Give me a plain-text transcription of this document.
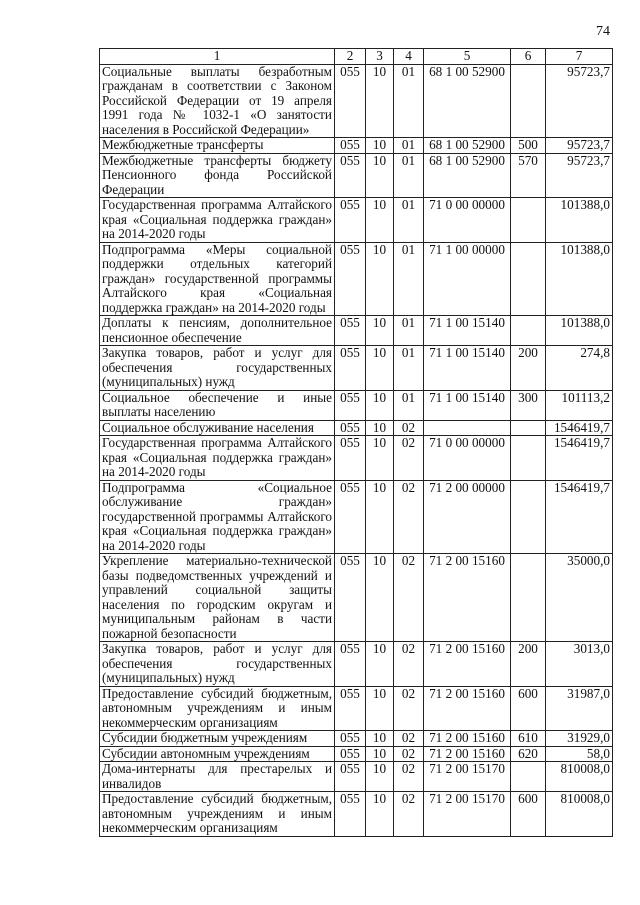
74
1	2	3	4	5	6	7
Социальные выплаты безработным гражданам в соответствии с Законом Российской Федерации от 19 апреля 1991 года № 1032-1 «О занятости населения в Российской Федерации»	055	10	01	68 1 00 52900		95723,7
Межбюджетные трансферты	055	10	01	68 1 00 52900	500	95723,7
Межбюджетные трансферты бюджету Пенсионного фонда Российской Федерации	055	10	01	68 1 00 52900	570	95723,7
Государственная программа Алтайского края «Социальная поддержка граждан» на 2014-2020 годы	055	10	01	71 0 00 00000		101388,0
Подпрограмма «Меры социальной поддержки отдельных категорий граждан» государственной программы Алтайского края «Социальная поддержка граждан» на 2014-2020 годы	055	10	01	71 1 00 00000		101388,0
Доплаты к пенсиям, дополнительное пенсионное обеспечение	055	10	01	71 1 00 15140		101388,0
Закупка товаров, работ и услуг для обеспечения государственных (муниципальных) нужд	055	10	01	71 1 00 15140	200	274,8
Социальное обеспечение и иные выплаты населению	055	10	01	71 1 00 15140	300	101113,2
Социальное обслуживание населения	055	10	02			1546419,7
Государственная программа Алтайского края «Социальная поддержка граждан» на 2014-2020 годы	055	10	02	71 0 00 00000		1546419,7
Подпрограмма «Социальное обслуживание граждан» государственной программы Алтайского края «Социальная поддержка граждан» на 2014-2020 годы	055	10	02	71 2 00 00000		1546419,7
Укрепление материально-технической базы подведомственных учреждений и управлений социальной защиты населения по городским округам и муниципальным районам в части пожарной безопасности	055	10	02	71 2 00 15160		35000,0
Закупка товаров, работ и услуг для обеспечения государственных (муниципальных) нужд	055	10	02	71 2 00 15160	200	3013,0
Предоставление субсидий бюджетным, автономным учреждениям и иным некоммерческим организациям	055	10	02	71 2 00 15160	600	31987,0
Субсидии бюджетным учреждениям	055	10	02	71 2 00 15160	610	31929,0
Субсидии автономным учреждениям	055	10	02	71 2 00 15160	620	58,0
Дома-интернаты для престарелых и инвалидов	055	10	02	71 2 00 15170		810008,0
Предоставление субсидий бюджетным, автономным учреждениям и иным некоммерческим организациям	055	10	02	71 2 00 15170	600	810008,0
